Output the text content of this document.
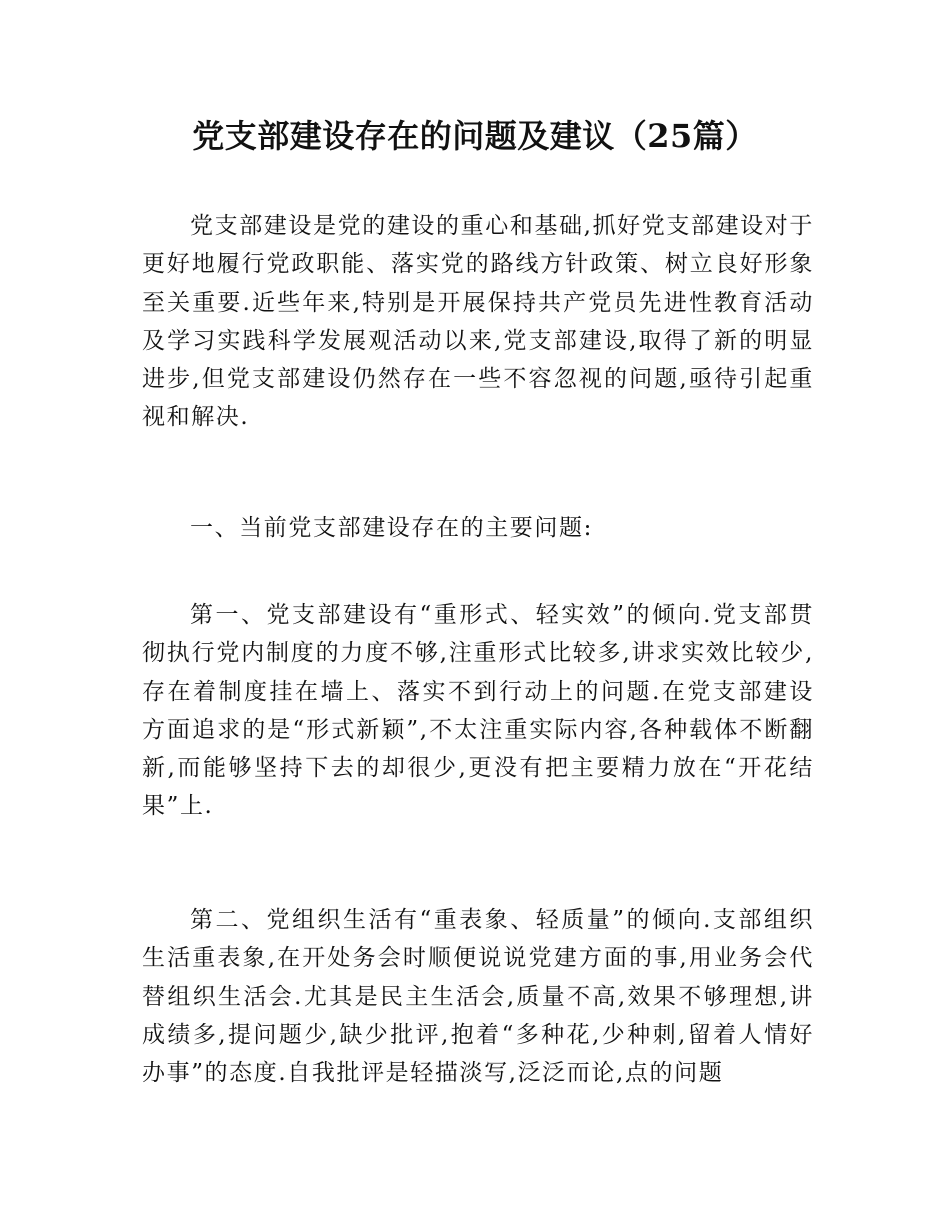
党支部建设存在的问题及建议（25篇）

党支部建设是党的建设的重心和基础,抓好党支部建设对于更好地履行党政职能、落实党的路线方针政策、树立良好形象至关重要.近些年来,特别是开展保持共产党员先进性教育活动及学习实践科学发展观活动以来,党支部建设,取得了新的明显进步,但党支部建设仍然存在一些不容忽视的问题,亟待引起重视和解决.

一、当前党支部建设存在的主要问题:

第一、党支部建设有“重形式、轻实效”的倾向.党支部贯彻执行党内制度的力度不够,注重形式比较多,讲求实效比较少,存在着制度挂在墙上、落实不到行动上的问题.在党支部建设方面追求的是“形式新颖”,不太注重实际内容,各种载体不断翻新,而能够坚持下去的却很少,更没有把主要精力放在“开花结果”上.

第二、党组织生活有“重表象、轻质量”的倾向.支部组织生活重表象,在开处务会时顺便说说党建方面的事,用业务会代替组织生活会.尤其是民主生活会,质量不高,效果不够理想,讲成绩多,提问题少,缺少批评,抱着“多种花,少种刺,留着人情好办事”的态度.自我批评是轻描淡写,泛泛而论,点的问题
